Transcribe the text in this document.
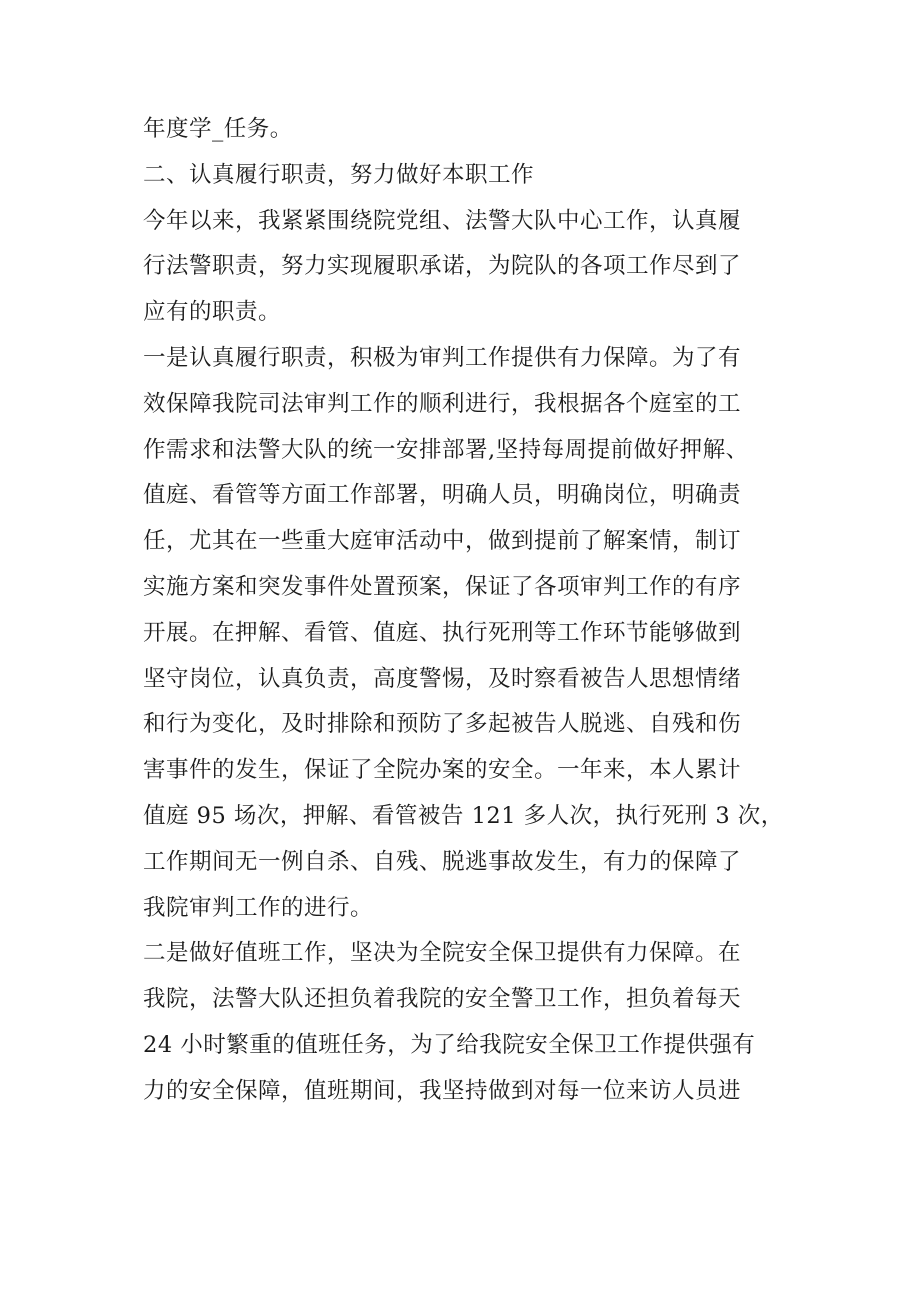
年度学_任务。
二、认真履行职责，努力做好本职工作
今年以来，我紧紧围绕院党组、法警大队中心工作，认真履
行法警职责，努力实现履职承诺，为院队的各项工作尽到了
应有的职责。
一是认真履行职责，积极为审判工作提供有力保障。为了有
效保障我院司法审判工作的顺利进行，我根据各个庭室的工
作需求和法警大队的统一安排部署,坚持每周提前做好押解、
值庭、看管等方面工作部署，明确人员，明确岗位，明确责
任，尤其在一些重大庭审活动中，做到提前了解案情，制订
实施方案和突发事件处置预案，保证了各项审判工作的有序
开展。在押解、看管、值庭、执行死刑等工作环节能够做到
坚守岗位，认真负责，高度警惕，及时察看被告人思想情绪
和行为变化，及时排除和预防了多起被告人脱逃、自残和伤
害事件的发生，保证了全院办案的安全。一年来，本人累计
值庭 95 场次，押解、看管被告 121 多人次，执行死刑 3 次，
工作期间无一例自杀、自残、脱逃事故发生，有力的保障了
我院审判工作的进行。
二是做好值班工作，坚决为全院安全保卫提供有力保障。在
我院，法警大队还担负着我院的安全警卫工作，担负着每天
24 小时繁重的值班任务，为了给我院安全保卫工作提供强有
力的安全保障，值班期间，我坚持做到对每一位来访人员进
